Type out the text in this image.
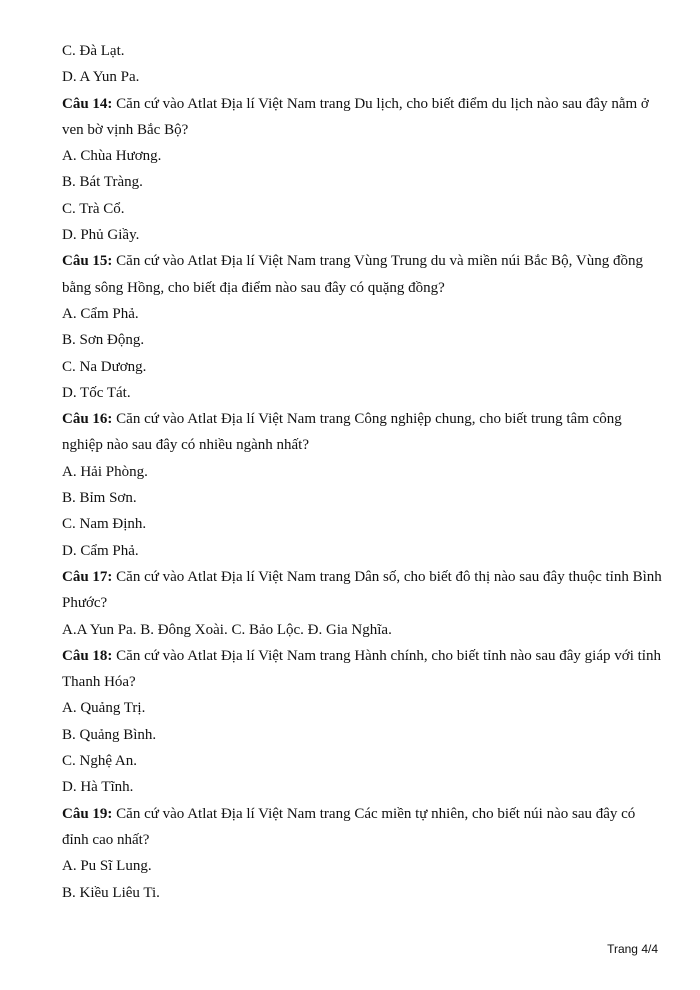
C. Đà Lạt.
D. A Yun Pa.
Câu 14: Căn cứ vào Atlat Địa lí Việt Nam trang Du lịch, cho biết điểm du lịch nào sau đây nằm ở ven bờ vịnh Bắc Bộ?
A. Chùa Hương.
B. Bát Tràng.
C. Trà Cổ.
D. Phủ Giầy.
Câu 15: Căn cứ vào Atlat Địa lí Việt Nam trang Vùng Trung du và miền núi Bắc Bộ, Vùng đồng bằng sông Hồng, cho biết địa điểm nào sau đây có quặng đồng?
A. Cẩm Phả.
B. Sơn Động.
C. Na Dương.
D. Tốc Tát.
Câu 16: Căn cứ vào Atlat Địa lí Việt Nam trang Công nghiệp chung, cho biết trung tâm công nghiệp nào sau đây có nhiều ngành nhất?
A. Hải Phòng.
B. Bỉm Sơn.
C. Nam Định.
D. Cẩm Phả.
Câu 17: Căn cứ vào Atlat Địa lí Việt Nam trang Dân số, cho biết đô thị nào sau đây thuộc tỉnh Bình Phước?
A.A Yun Pa. B. Đông Xoài. C. Bảo Lộc. Đ. Gia Nghĩa.
Câu 18: Căn cứ vào Atlat Địa lí Việt Nam trang Hành chính, cho biết tỉnh nào sau đây giáp với tỉnh Thanh Hóa?
A. Quảng Trị.
B. Quảng Bình.
C. Nghệ An.
D. Hà Tĩnh.
Câu 19: Căn cứ vào Atlat Địa lí Việt Nam trang Các miền tự nhiên, cho biết núi nào sau đây có đỉnh cao nhất?
A. Pu Sĩ Lung.
B. Kiều Liêu Ti.
Trang 4/4
